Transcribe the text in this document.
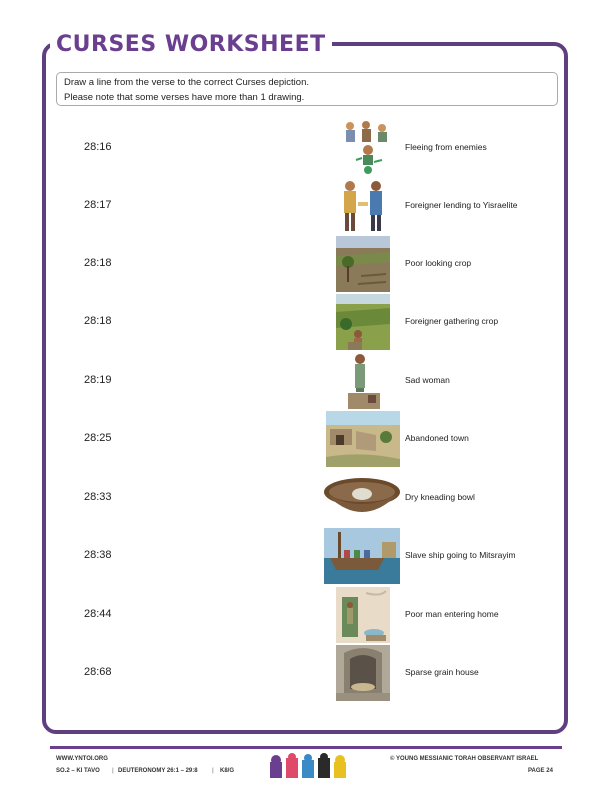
CURSES WORKSHEET
Draw a line from the verse to the correct Curses depiction.
Please note that some verses have more than 1 drawing.
28:16	Fleeing from enemies
28:17	Foreigner lending to Yisraelite
28:18	Poor looking crop
28:18	Foreigner gathering crop
28:19	Sad woman
28:25	Abandoned town
28:33	Dry kneading bowl
28:38	Slave ship going to Mitsrayim
28:44	Poor man entering home
28:68	Sparse grain house
WWW.YNTOI.ORG
SO.2 – KI TAVO | DEUTERONOMY 26:1 – 29:8 | K8/G
© YOUNG MESSIANIC TORAH OBSERVANT ISRAEL
PAGE 24
